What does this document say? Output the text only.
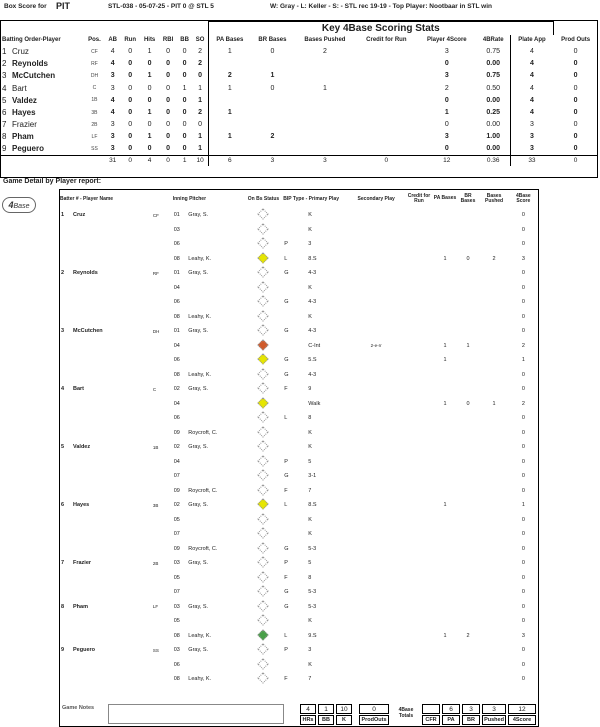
Box Score for PIT	STL-038 - 05-07-25 - PIT 0 @ STL 5	W: Gray - L: Keller - S: - STL rec 19-19 - Top Player: Nootbaar in STL win
									Key 4Base Scoring Stats							
Batting Order-Player		Pos.	AB	Run	Hits	RBI	BB	SO	PA Bases	BR Bases	Bases Pushed	Credit for Run	Player 4Score	4BRate	Plate App	Prod Outs
1	Cruz	CF	4	0	1	0	0	2	1	0	2		3	0.75	4	0
2	Reynolds	RF	4	0	0	0	0	2					0	0.00	4	0
3	McCutchen	DH	3	0	1	0	0	0	2	1			3	0.75	4	0
4	Bart	C	3	0	0	0	1	1	1	0	1		2	0.50	4	0
5	Valdez	1B	4	0	0	0	0	1					0	0.00	4	0
6	Hayes	3B	4	0	1	0	0	2	1				1	0.25	4	0
7	Frazier	2B	3	0	0	0	0	0					0	0.00	3	0
8	Pham	LF	3	0	1	0	0	1	1	2			3	1.00	3	0
9	Peguero	SS	3	0	0	0	0	1					0	0.00	3	0
			31	0	4	0	1	10	6	3	3	0	12	0.36	33	0
Game Detail by Player report:
4Base
Batter # - Player Name		Inning Pitcher		On Bs Status	BIP Type - Primary Play	Secondary Play	Credit for Run	PA Bases	BR Bases	Bases Pushed	4Base Score
1 Cruz	CF	01	Gray, S.		K						0
		03			K						0
		06			P 3						0
		08	Leahy, K.		L 8.S			1	0	2	3
2 Reynolds	RF	01	Gray, S.		G 4-3						0
		04			K						0
		06			G 4-3						0
		08	Leahy, K.		K						0
3 McCutchen	DH	01	Gray, S.		G 4-3						0
		04			C-Int	2-e-rr		1	1		2
		06			G 5.S			1			1
		08	Leahy, K.		G 4-3						0
4 Bart	C	02	Gray, S.		F 9						0
		04			Walk			1	0	1	2
		06			L 8						0
		09	Roycroft, C.		K						0
5 Valdez	1B	02	Gray, S.		K						0
		04			P 5						0
		07			G 3-1						0
		09	Roycroft, C.		F 7						0
6 Hayes	3B	02	Gray, S.		L 8.S			1			1
		05			K						0
		07			K						0
		09	Roycroft, C.		G 5-3						0
7 Frazier	2B	03	Gray, S.		P 5						0
		05			F 8						0
		07			G 5-3						0
8 Pham	LF	03	Gray, S.		G 5-3						0
		05			K						0
		08	Leahy, K.		L 9.S			1	2		3
9 Peguero	SS	03	Gray, S.		P 3						0
		06			K						0
		08	Leahy, K.		F 7						0
Game Notes	4	1	10
HRs	BB	K
0
ProdOuts
4Base Totals
6	3	3	12
CFR	PA	BR	Pushed	4Score
